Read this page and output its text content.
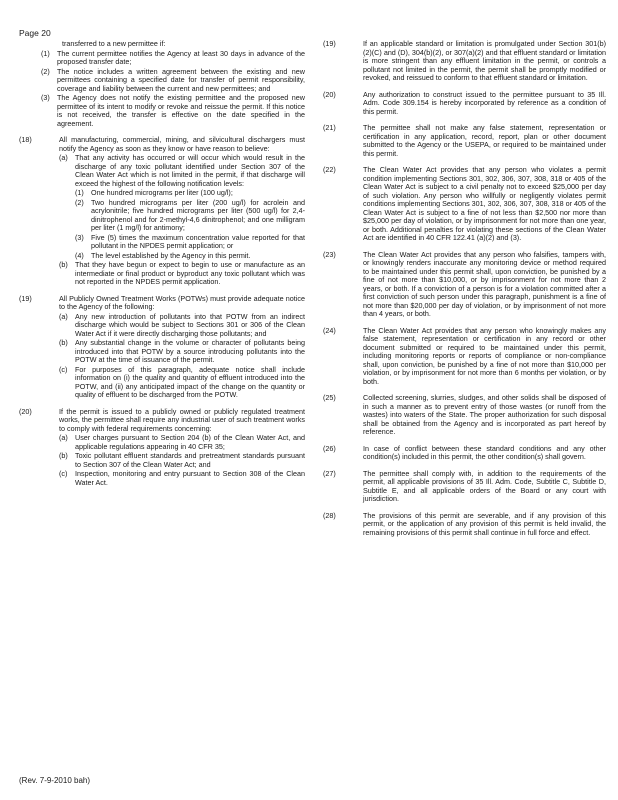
Page 20
transferred to a new permittee if:
(1)	The current permittee notifies the Agency at least 30 days in advance of the proposed transfer date;
(2)	The notice includes a written agreement between the existing and new permittees containing a specified date for transfer of permit responsibility, coverage and liability between the current and new permittees; and
(3)	The Agency does not notify the existing permittee and the proposed new permittee of its intent to modify or revoke and reissue the permit. If this notice is not received, the transfer is effective on the date specified in the agreement.
(18)	All manufacturing, commercial, mining, and silvicultural dischargers must notify the Agency as soon as they know or have reason to believe:
(a)	That any activity has occurred or will occur which would result in the discharge of any toxic pollutant identified under Section 307 of the Clean Water Act which is not limited in the permit, if that discharge will exceed the highest of the following notification levels:
(1)	One hundred micrograms per liter (100 ug/l);
(2)	Two hundred micrograms per liter (200 ug/l) for acrolein and acrylonitrile; five hundred micrograms per liter (500 ug/l) for 2,4-dinitrophenol and for 2-methyl-4,6 dinitrophenol; and one milligram per liter (1 mg/l) for antimony;
(3)	Five (5) times the maximum concentration value reported for that pollutant in the NPDES permit application; or
(4)	The level established by the Agency in this permit.
(b)	That they have begun or expect to begin to use or manufacture as an intermediate or final product or byproduct any toxic pollutant which was not reported in the NPDES permit application.
(19)	All Publicly Owned Treatment Works (POTWs) must provide adequate notice to the Agency of the following:
(a)	Any new introduction of pollutants into that POTW from an indirect discharge which would be subject to Sections 301 or 306 of the Clean Water Act if it were directly discharging those pollutants; and
(b)	Any substantial change in the volume or character of pollutants being introduced into that POTW by a source introducing pollutants into the POTW at the time of issuance of the permit.
(c)	For purposes of this paragraph, adequate notice shall include information on (i) the quality and quantity of effluent introduced into the POTW, and (ii) any anticipated impact of the change on the quantity or quality of effluent to be discharged from the POTW.
(20)	If the permit is issued to a publicly owned or publicly regulated treatment works, the permittee shall require any industrial user of such treatment works to comply with federal requirements concerning:
(a)	User charges pursuant to Section 204 (b) of the Clean Water Act, and applicable regulations appearing in 40 CFR 35;
(b)	Toxic pollutant effluent standards and pretreatment standards pursuant to Section 307 of the Clean Water Act; and
(c)	Inspection, monitoring and entry pursuant to Section 308 of the Clean Water Act.
(19)	If an applicable standard or limitation is promulgated under Section 301(b)(2)(C) and (D), 304(b)(2), or 307(a)(2) and that effluent standard or limitation is more stringent than any effluent limitation in the permit, or controls a pollutant not limited in the permit, the permit shall be promptly modified or revoked, and reissued to conform to that effluent standard or limitation.
(20)	Any authorization to construct issued to the permittee pursuant to 35 Ill. Adm. Code 309.154 is hereby incorporated by reference as a condition of this permit.
(21)	The permittee shall not make any false statement, representation or certification in any application, record, report, plan or other document submitted to the Agency or the USEPA, or required to be maintained under this permit.
(22)	The Clean Water Act provides that any person who violates a permit condition implementing Sections 301, 302, 306, 307, 308, 318 or 405 of the Clean Water Act is subject to a civil penalty not to exceed $25,000 per day of such violation. Any person who willfully or negligently violates permit conditions implementing Sections 301, 302, 306, 307, 308, 318 or 405 of the Clean Water Act is subject to a fine of not less than $2,500 nor more than $25,000 per day of violation, or by imprisonment for not more than one year, or both. Additional penalties for violating these sections of the Clean Water Act are identified in 40 CFR 122.41 (a)(2) and (3).
(23)	The Clean Water Act provides that any person who falsifies, tampers with, or knowingly renders inaccurate any monitoring device or method required to be maintained under this permit shall, upon conviction, be punished by a fine of not more than $10,000, or by imprisonment for not more than 2 years, or both. If a conviction of a person is for a violation committed after a first conviction of such person under this paragraph, punishment is a fine of not more than $20,000 per day of violation, or by imprisonment of not more than 4 years, or both.
(24)	The Clean Water Act provides that any person who knowingly makes any false statement, representation or certification in any record or other document submitted or required to be maintained under this permit, including monitoring reports or reports of compliance or non-compliance shall, upon conviction, be punished by a fine of not more than $10,000 per violation, or by imprisonment for not more than 6 months per violation, or by both.
(25)	Collected screening, slurries, sludges, and other solids shall be disposed of in such a manner as to prevent entry of those wastes (or runoff from the wastes) into waters of the State. The proper authorization for such disposal shall be obtained from the Agency and is incorporated as part hereof by reference.
(26)	In case of conflict between these standard conditions and any other condition(s) included in this permit, the other condition(s) shall govern.
(27)	The permittee shall comply with, in addition to the requirements of the permit, all applicable provisions of 35 Ill. Adm. Code, Subtitle C, Subtitle D, Subtitle E, and all applicable orders of the Board or any court with jurisdiction.
(28)	The provisions of this permit are severable, and if any provision of this permit, or the application of any provision of this permit is held invalid, the remaining provisions of this permit shall continue in full force and effect.
(Rev. 7-9-2010 bah)
